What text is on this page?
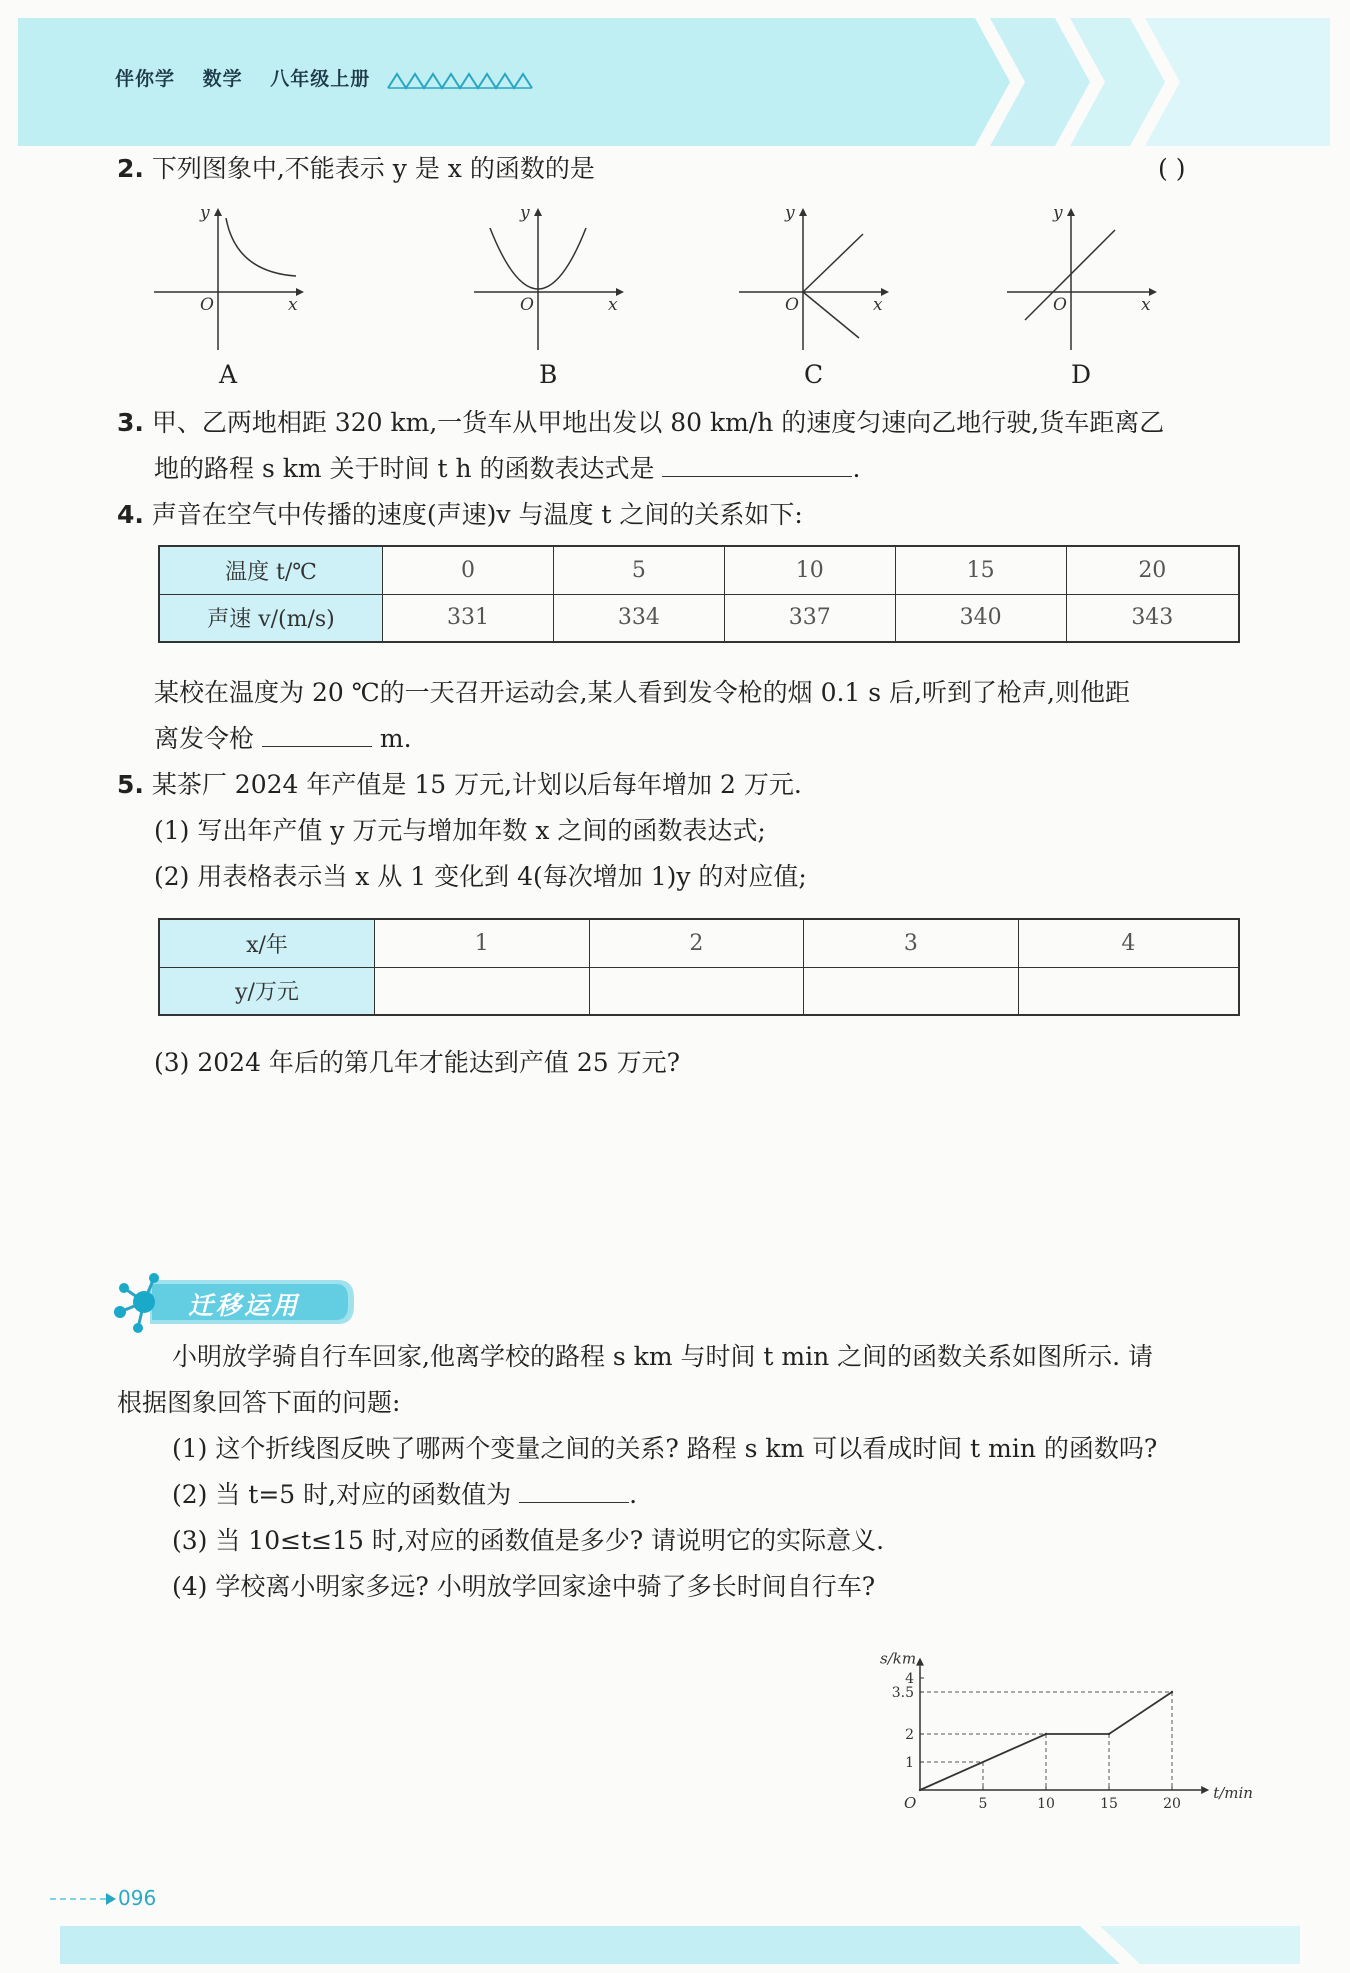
伴你学 数学 八年级上册
2. 下列图象中,不能表示 y 是 x 的函数的是	( )
y
x
O
A
y
x
O
B
y
x
O
C
y
x
O
D
3. 甲、乙两地相距 320 km,一货车从甲地出发以 80 km/h 的速度匀速向乙地行驶,货车距离乙
地的路程 s km 关于时间 t h 的函数表达式是	.
4. 声音在空气中传播的速度(声速)v 与温度 t 之间的关系如下:
温度 t/℃	0	5	10	15	20
声速 v/(m/s)	331	334	337	340	343
某校在温度为 20 ℃的一天召开运动会,某人看到发令枪的烟 0.1 s 后,听到了枪声,则他距
离发令枪	m.
5. 某茶厂 2024 年产值是 15 万元,计划以后每年增加 2 万元.
(1) 写出年产值 y 万元与增加年数 x 之间的函数表达式;
(2) 用表格表示当 x 从 1 变化到 4(每次增加 1)y 的对应值;
x/年	1	2	3	4
y/万元				
(3) 2024 年后的第几年才能达到产值 25 万元?
迁移运用
小明放学骑自行车回家,他离学校的路程 s km 与时间 t min 之间的函数关系如图所示. 请
根据图象回答下面的问题:
(1) 这个折线图反映了哪两个变量之间的关系? 路程 s km 可以看成时间 t min 的函数吗?
(2) 当 t=5 时,对应的函数值为	.
(3) 当 10≤t≤15 时,对应的函数值是多少? 请说明它的实际意义.
(4) 学校离小明家多远? 小明放学回家途中骑了多长时间自行车?
5	10	15	20
1
2
3.5
4
t/min
s/km
O
096
